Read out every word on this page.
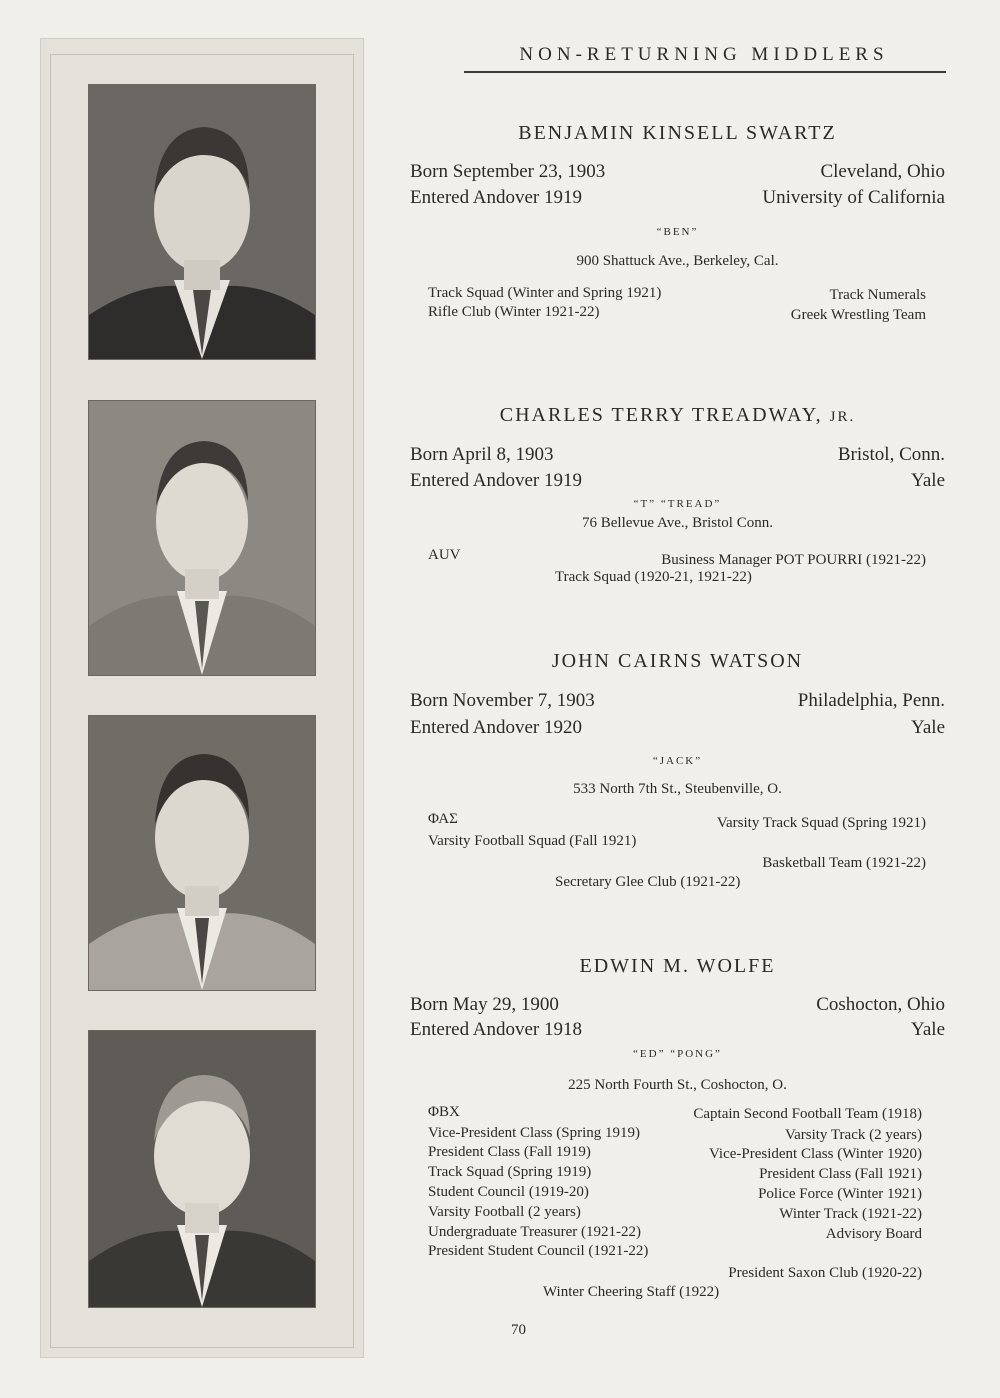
NON-RETURNING MIDDLERS
BENJAMIN KINSELL SWARTZ
Born September 23, 1903	Cleveland, Ohio
Entered Andover 1919	University of California
“BEN”
900 Shattuck Ave., Berkeley, Cal.
Track Squad (Winter and Spring 1921)	Track Numerals
Rifle Club (Winter 1921-22)	Greek Wrestling Team
CHARLES TERRY TREADWAY, JR.
Born April 8, 1903	Bristol, Conn.
Entered Andover 1919	Yale
“T” “TREAD”
76 Bellevue Ave., Bristol Conn.
AUV	Business Manager POT POURRI (1921-22)
Track Squad (1920-21, 1921-22)
JOHN CAIRNS WATSON
Born November 7, 1903	Philadelphia, Penn.
Entered Andover 1920	Yale
“JACK”
533 North 7th St., Steubenville, O.
ΦΑΣ	Varsity Track Squad (Spring 1921)
Varsity Football Squad (Fall 1921)
Basketball Team (1921-22)
Secretary Glee Club (1921-22)
EDWIN M. WOLFE
Born May 29, 1900	Coshocton, Ohio
Entered Andover 1918	Yale
“ED” “PONG”
225 North Fourth St., Coshocton, O.
ΦΒΧ	Captain Second Football Team (1918)
Vice-President Class (Spring 1919)	Varsity Track (2 years)
President Class (Fall 1919)	Vice-President Class (Winter 1920)
Track Squad (Spring 1919)	President Class (Fall 1921)
Student Council (1919-20)	Police Force (Winter 1921)
Varsity Football (2 years)	Winter Track (1921-22)
Undergraduate Treasurer (1921-22)	Advisory Board
President Student Council (1921-22)
President Saxon Club (1920-22)
Winter Cheering Staff (1922)
70
